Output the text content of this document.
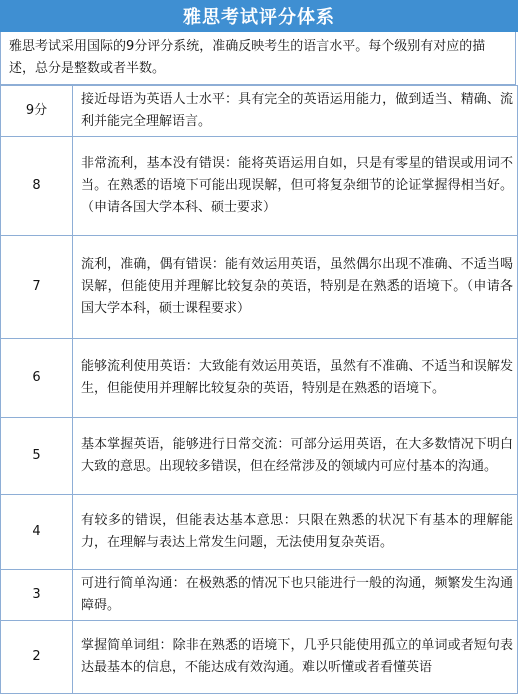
雅思考试评分体系
雅思考试采用国际的9分评分系统，准确反映考生的语言水平。每个级别有对应的描述，总分是整数或者半数。
9分	接近母语为英语人士水平：具有完全的英语运用能力，做到适当、精确、流利并能完全理解语言。
8	非常流利，基本没有错误：能将英语运用自如，只是有零星的错误或用词不当。在熟悉的语境下可能出现误解，但可将复杂细节的论证掌握得相当好。（申请各国大学本科、硕士要求）
7	流利，准确，偶有错误：能有效运用英语，虽然偶尔出现不准确、不适当喝误解，但能使用并理解比较复杂的英语，特别是在熟悉的语境下。（申请各国大学本科，硕士课程要求）
6	能够流利使用英语：大致能有效运用英语，虽然有不准确、不适当和误解发生，但能使用并理解比较复杂的英语，特别是在熟悉的语境下。
5	基本掌握英语，能够进行日常交流：可部分运用英语，在大多数情况下明白大致的意思。出现较多错误，但在经常涉及的领域内可应付基本的沟通。
4	有较多的错误，但能表达基本意思：只限在熟悉的状况下有基本的理解能力，在理解与表达上常发生问题，无法使用复杂英语。
3	可进行简单沟通：在极熟悉的情况下也只能进行一般的沟通，频繁发生沟通障碍。
2	掌握简单词组：除非在熟悉的语境下，几乎只能使用孤立的单词或者短句表达最基本的信息，不能达成有效沟通。难以听懂或者看懂英语
